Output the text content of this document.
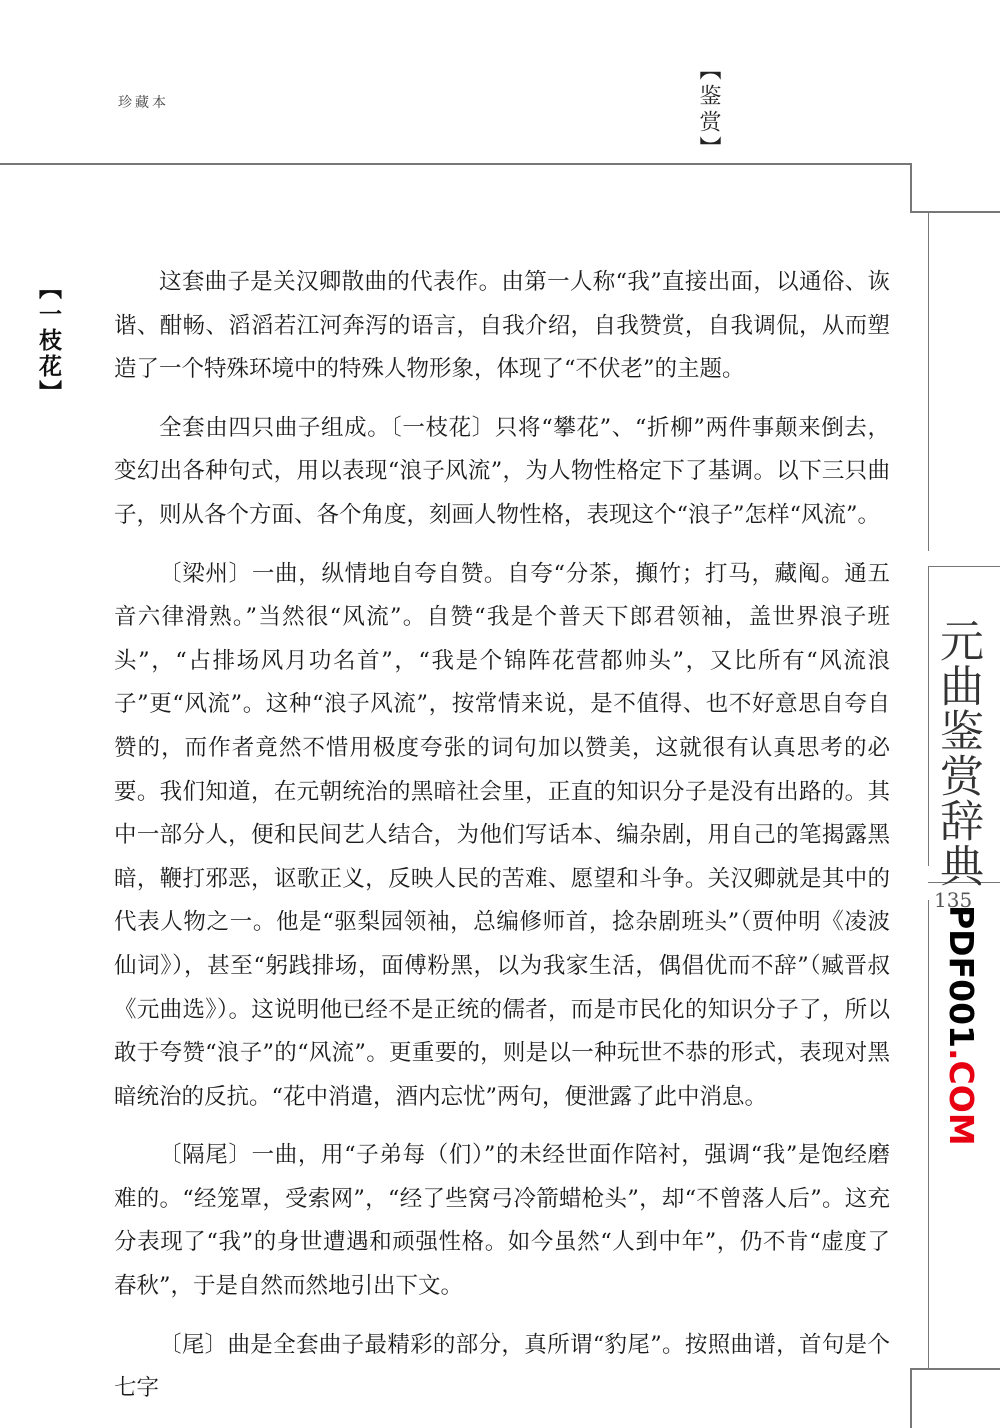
珍藏本	【鉴赏】
【一枝花】
元曲鉴赏辞典
135
PDF001.COM

这套曲子是关汉卿散曲的代表作。由第一人称“我”直接出面，以通俗、诙谐、酣畅、滔滔若江河奔泻的语言，自我介绍，自我赞赏，自我调侃，从而塑造了一个特殊环境中的特殊人物形象，体现了“不伏老”的主题。

全套由四只曲子组成。〔一枝花〕只将“攀花”、“折柳”两件事颠来倒去，变幻出各种句式，用以表现“浪子风流”，为人物性格定下了基调。以下三只曲子，则从各个方面、各个角度，刻画人物性格，表现这个“浪子”怎样“风流”。

〔梁州〕一曲，纵情地自夸自赞。自夸“分茶，攧竹；打马，藏阄。通五音六律滑熟。”当然很“风流”。自赞“我是个普天下郎君领袖，盖世界浪子班头”，“占排场风月功名首”，“我是个锦阵花营都帅头”，又比所有“风流浪子”更“风流”。这种“浪子风流”，按常情来说，是不值得、也不好意思自夸自赞的，而作者竟然不惜用极度夸张的词句加以赞美，这就很有认真思考的必要。我们知道，在元朝统治的黑暗社会里，正直的知识分子是没有出路的。其中一部分人，便和民间艺人结合，为他们写话本、编杂剧，用自己的笔揭露黑暗，鞭打邪恶，讴歌正义，反映人民的苦难、愿望和斗争。关汉卿就是其中的代表人物之一。他是“驱梨园领袖，总编修师首，捻杂剧班头”（贾仲明《凌波仙词》），甚至“躬践排场，面傅粉黑，以为我家生活，偶倡优而不辞”（臧晋叔《元曲选》）。这说明他已经不是正统的儒者，而是市民化的知识分子了，所以敢于夸赞“浪子”的“风流”。更重要的，则是以一种玩世不恭的形式，表现对黑暗统治的反抗。“花中消遣，酒内忘忧”两句，便泄露了此中消息。

〔隔尾〕一曲，用“子弟每（们）”的未经世面作陪衬，强调“我”是饱经磨难的。“经笼罩，受索网”，“经了些窝弓冷箭蜡枪头”，却“不曾落人后”。这充分表现了“我”的身世遭遇和顽强性格。如今虽然“人到中年”，仍不肯“虚度了春秋”，于是自然而然地引出下文。

〔尾〕曲是全套曲子最精彩的部分，真所谓“豹尾”。按照曲谱，首句是个七字
